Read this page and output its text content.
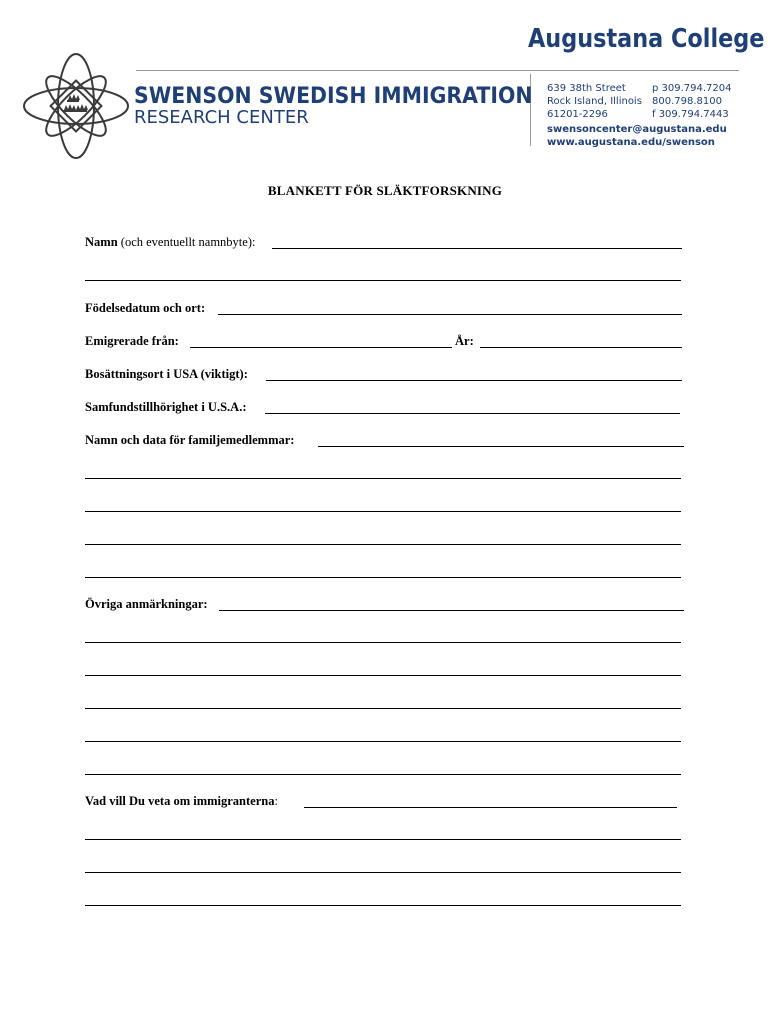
Augustana College
SWENSON SWEDISH IMMIGRATION
RESEARCH CENTER
639 38th Street
Rock Island, Illinois
61201-2296
p 309.794.7204
800.798.8100
f 309.794.7443
swensoncenter@augustana.edu
www.augustana.edu/swenson
BLANKETT FÖR SLÄKTFORSKNING
Namn (och eventuellt namnbyte):
Födelsedatum och ort:
Emigrerade från:	År:
Bosättningsort i USA (viktigt):
Samfundstillhörighet i U.S.A.:
Namn och data för familjemedlemmar:
Övriga anmärkningar:
Vad vill Du veta om immigranterna:
